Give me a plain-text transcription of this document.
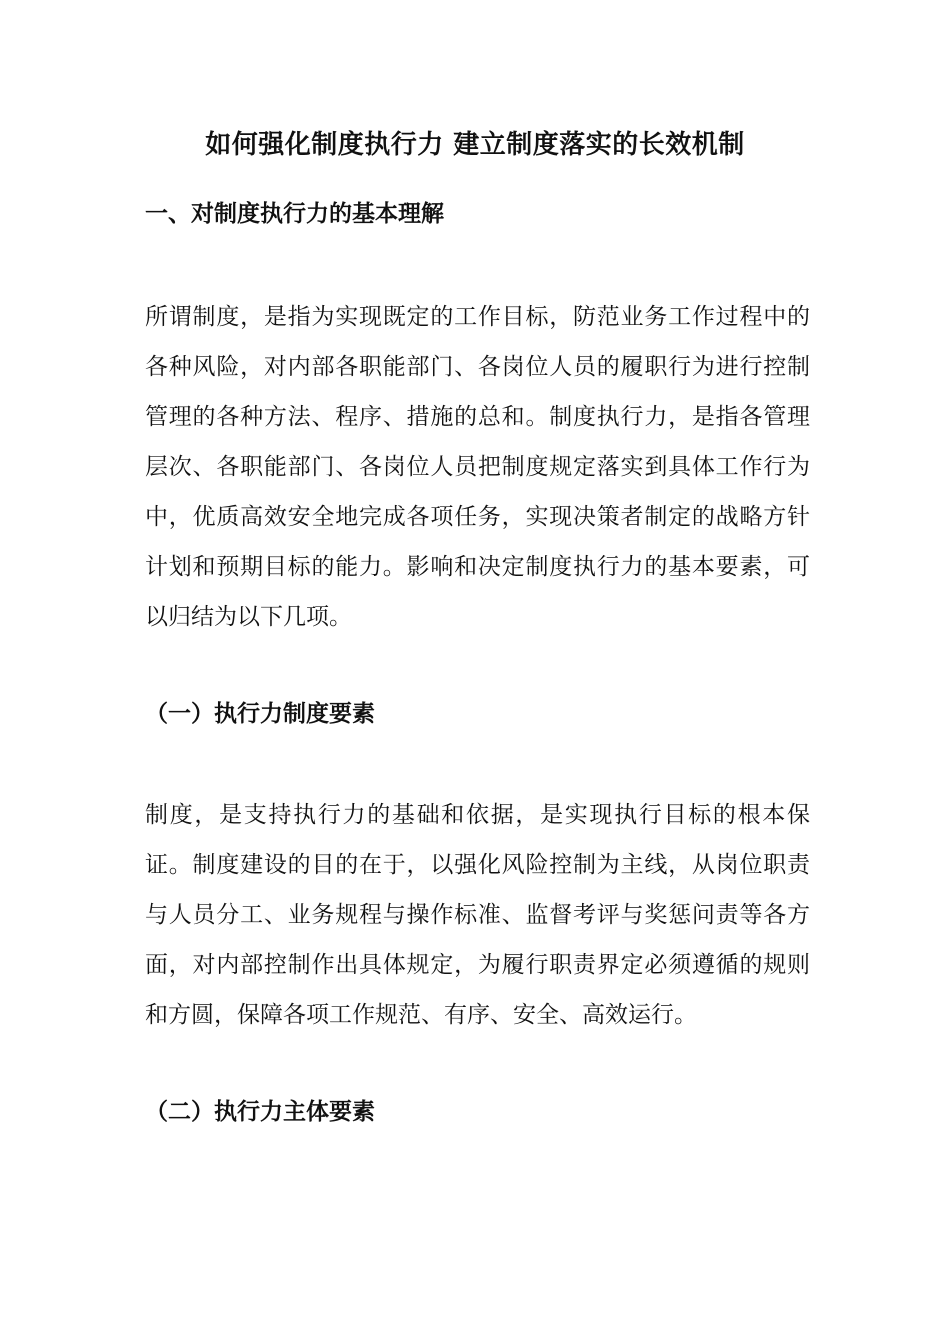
如何强化制度执行力 建立制度落实的长效机制
一、对制度执行力的基本理解

所谓制度，是指为实现既定的工作目标，防范业务工作过程中的各种风险，对内部各职能部门、各岗位人员的履职行为进行控制管理的各种方法、程序、措施的总和。制度执行力，是指各管理层次、各职能部门、各岗位人员把制度规定落实到具体工作行为中，优质高效安全地完成各项任务，实现决策者制定的战略方针计划和预期目标的能力。影响和决定制度执行力的基本要素，可以归结为以下几项。

（一）执行力制度要素

制度，是支持执行力的基础和依据，是实现执行目标的根本保证。制度建设的目的在于，以强化风险控制为主线，从岗位职责与人员分工、业务规程与操作标准、监督考评与奖惩问责等各方面，对内部控制作出具体规定，为履行职责界定必须遵循的规则和方圆，保障各项工作规范、有序、安全、高效运行。

（二）执行力主体要素
